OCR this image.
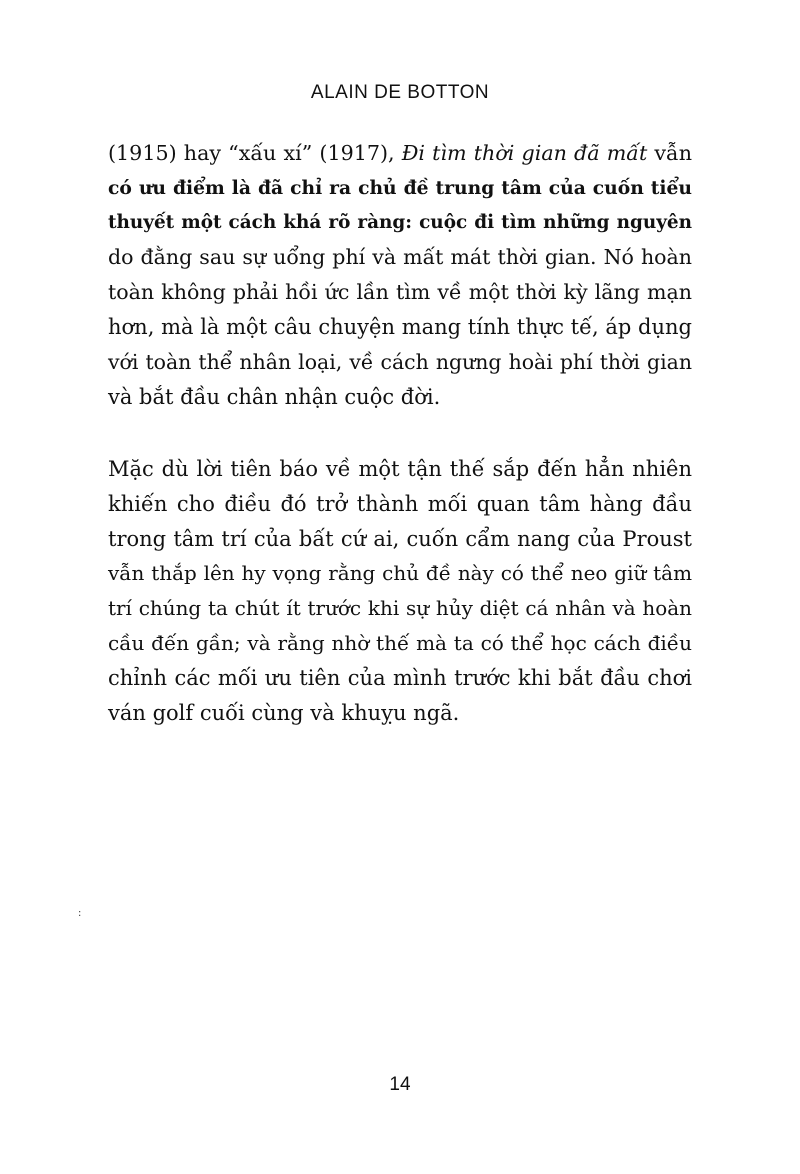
ALAIN DE BOTTON
(1915) hay “xấu xí” (1917), Đi tìm thời gian đã mất vẫn
có ưu điểm là đã chỉ ra chủ đề trung tâm của cuốn tiểu
thuyết một cách khá rõ ràng: cuộc đi tìm những nguyên
do đằng sau sự uổng phí và mất mát thời gian. Nó hoàn
toàn không phải hồi ức lần tìm về một thời kỳ lãng mạn
hơn, mà là một câu chuyện mang tính thực tế, áp dụng
với toàn thể nhân loại, về cách ngưng hoài phí thời gian
và bắt đầu chân nhận cuộc đời.
Mặc dù lời tiên báo về một tận thế sắp đến hẳn nhiên
khiến cho điều đó trở thành mối quan tâm hàng đầu
trong tâm trí của bất cứ ai, cuốn cẩm nang của Proust
vẫn thắp lên hy vọng rằng chủ đề này có thể neo giữ tâm
trí chúng ta chút ít trước khi sự hủy diệt cá nhân và hoàn
cầu đến gần; và rằng nhờ thế mà ta có thể học cách điều
chỉnh các mối ưu tiên của mình trước khi bắt đầu chơi
ván golf cuối cùng và khuỵu ngã.
:
14
